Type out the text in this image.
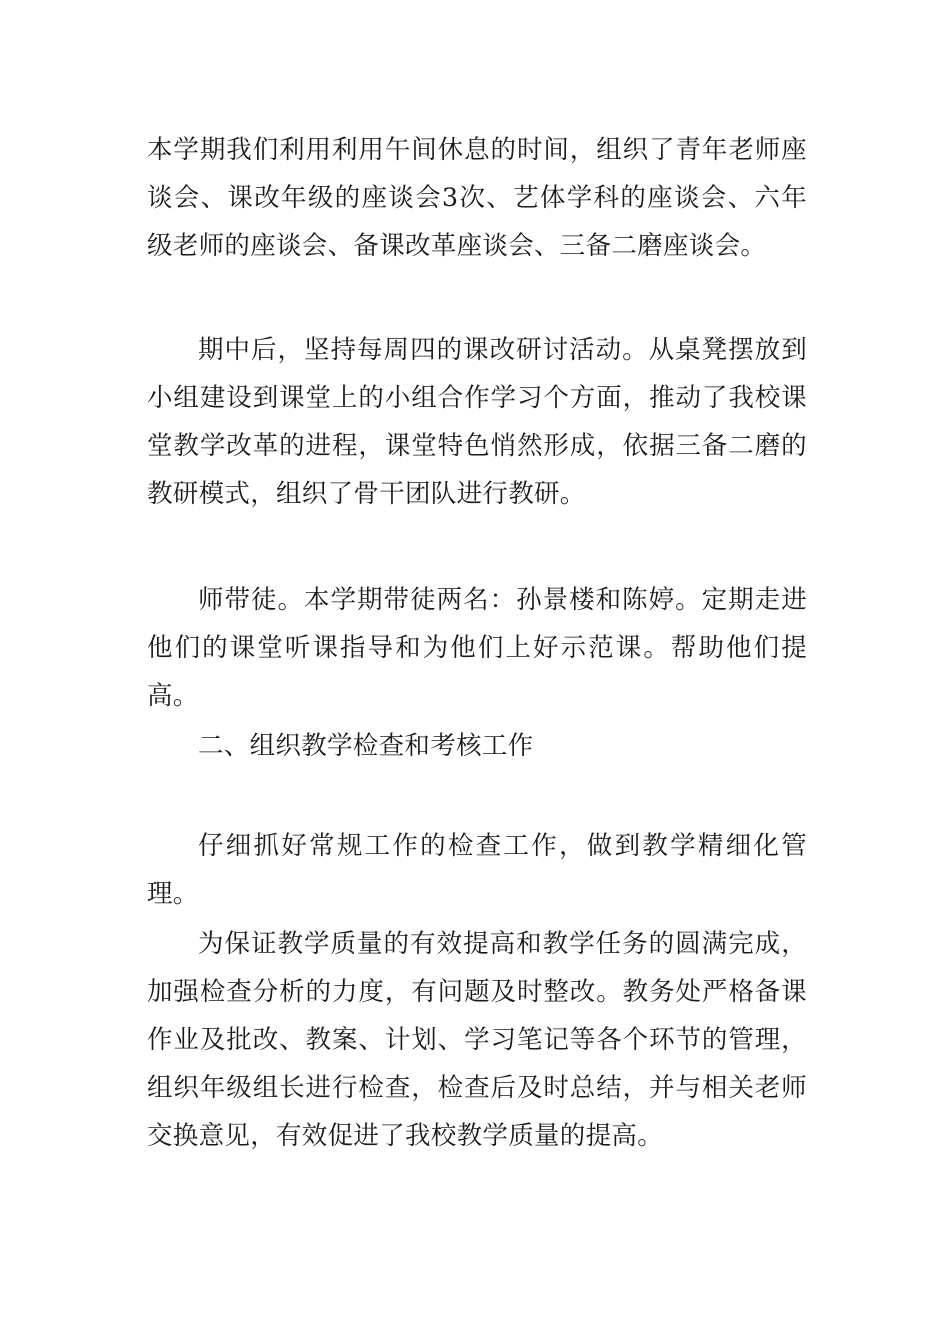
本学期我们利用利用午间休息的时间，组织了青年老师座谈会、课改年级的座谈会3次、艺体学科的座谈会、六年级老师的座谈会、备课改革座谈会、三备二磨座谈会。

期中后，坚持每周四的课改研讨活动。从桌凳摆放到小组建设到课堂上的小组合作学习个方面，推动了我校课堂教学改革的进程，课堂特色悄然形成，依据三备二磨的教研模式，组织了骨干团队进行教研。

师带徒。本学期带徒两名：孙景楼和陈婷。定期走进他们的课堂听课指导和为他们上好示范课。帮助他们提高。

二、组织教学检查和考核工作

仔细抓好常规工作的检查工作，做到教学精细化管理。

为保证教学质量的有效提高和教学任务的圆满完成，加强检查分析的力度，有问题及时整改。教务处严格备课作业及批改、教案、计划、学习笔记等各个环节的管理，组织年级组长进行检查，检查后及时总结，并与相关老师交换意见，有效促进了我校教学质量的提高。
